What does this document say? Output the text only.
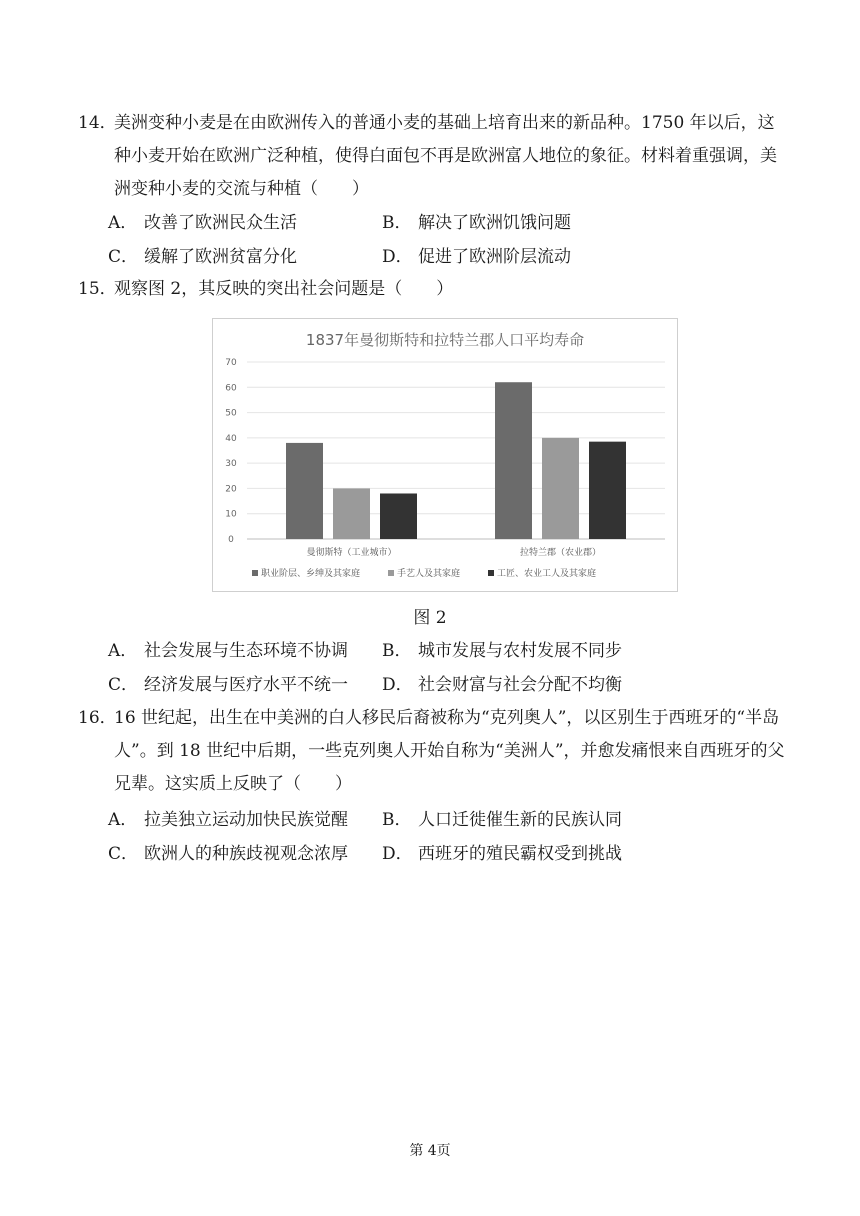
14．
美洲变种小麦是在由欧洲传入的普通小麦的基础上培育出来的新品种。1750 年以后，这种小麦开始在欧洲广泛种植，使得白面包不再是欧洲富人地位的象征。材料着重强调，美洲变种小麦的交流与种植（　　）
A． 改善了欧洲民众生活	B． 解决了欧洲饥饿问题
C． 缓解了欧洲贫富分化	D． 促进了欧洲阶层流动
15．
观察图 2，其反映的突出社会问题是（　　）
1837年曼彻斯特和拉特兰郡人口平均寿命
0
10
20
30
40
50
60
70
曼彻斯特（工业城市）	拉特兰郡（农业郡）
职业阶层、乡绅及其家庭	手艺人及其家庭	工匠、农业工人及其家庭
图 2
A． 社会发展与生态环境不协调 B． 城市发展与农村发展不同步
C． 经济发展与医疗水平不统一 D． 社会财富与社会分配不均衡
16．
16 世纪起，出生在中美洲的白人移民后裔被称为“克列奥人”，以区别生于西班牙的“半岛人”。到 18 世纪中后期，一些克列奥人开始自称为“美洲人”，并愈发痛恨来自西班牙的父兄辈。这实质上反映了（　　）
A． 拉美独立运动加快民族觉醒 B． 人口迁徙催生新的民族认同
C． 欧洲人的种族歧视观念浓厚 D． 西班牙的殖民霸权受到挑战
第 4页
